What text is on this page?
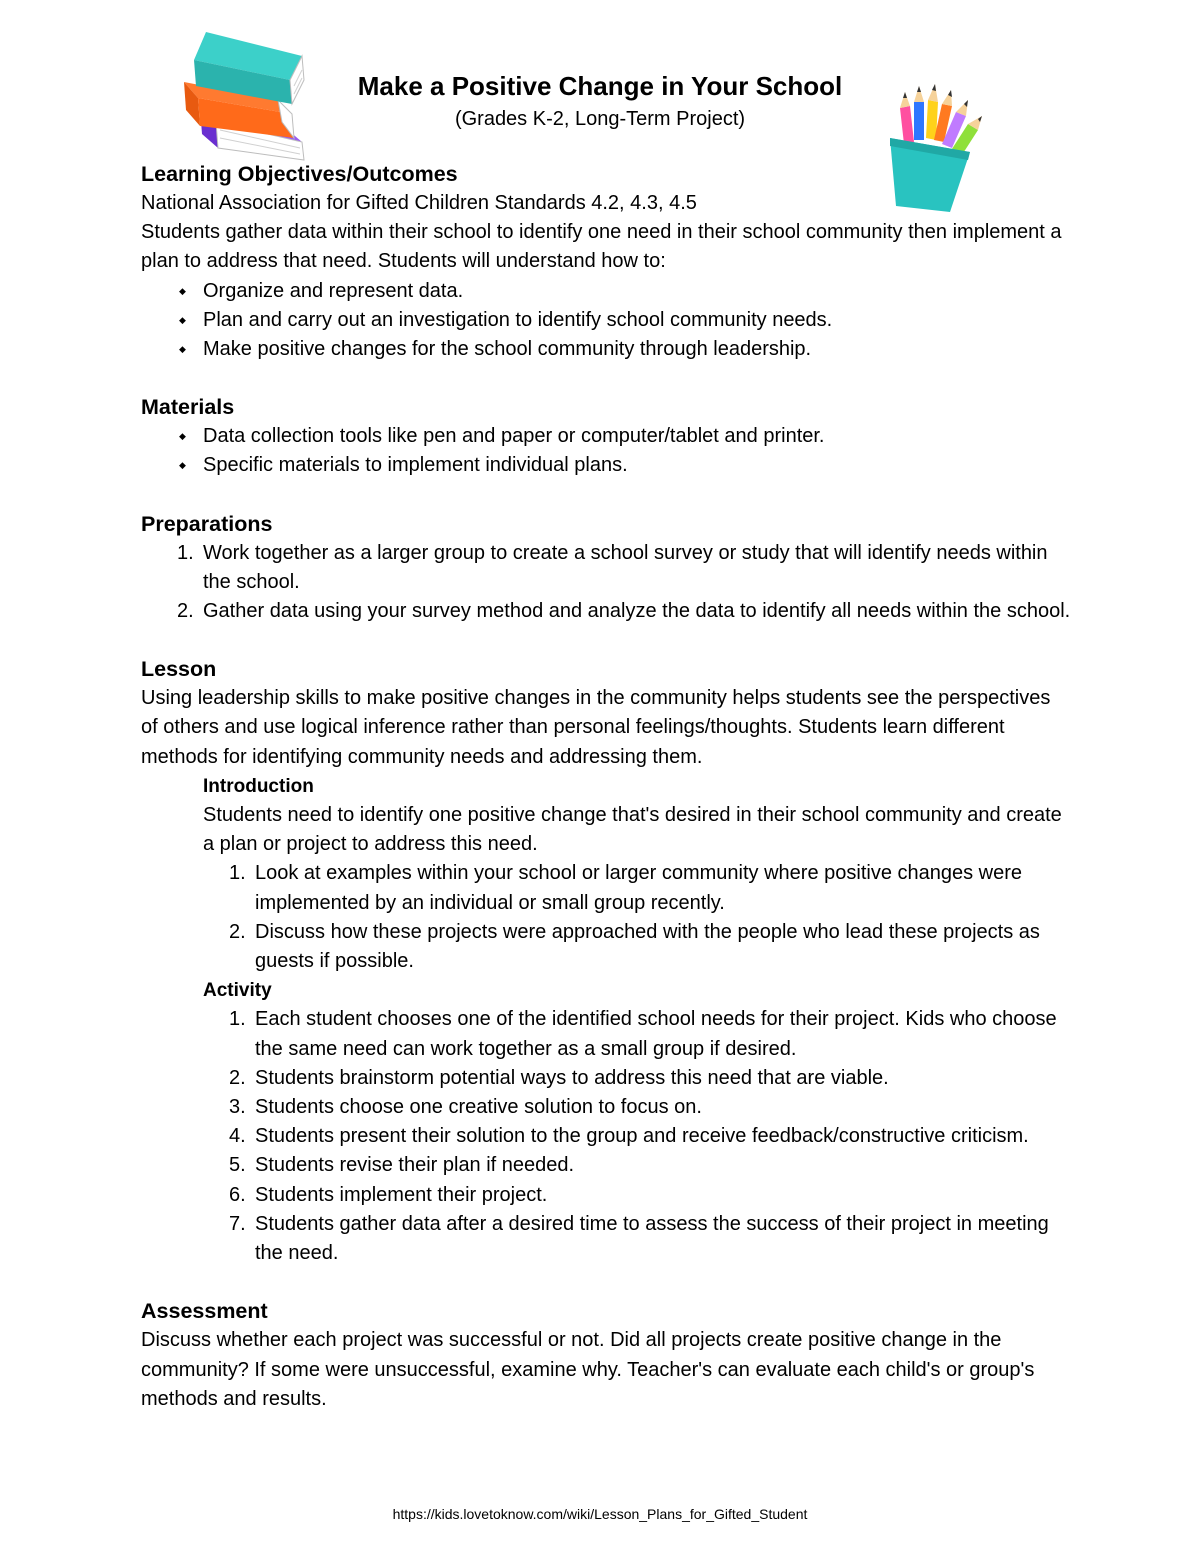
Make a Positive Change in Your School
(Grades K-2, Long-Term Project)
Learning Objectives/Outcomes

National Association for Gifted Children Standards 4.2, 4.3, 4.5

Students gather data within their school to identify one need in their school community then implement a plan to address that need. Students will understand how to:

◆ Organize and represent data.
◆ Plan and carry out an investigation to identify school community needs.
◆ Make positive changes for the school community through leadership.
Materials
◆ Data collection tools like pen and paper or computer/tablet and printer.
◆ Specific materials to implement individual plans.
Preparations
1. Work together as a larger group to create a school survey or study that will identify needs within the school.
2. Gather data using your survey method and analyze the data to identify all needs within the school.
Lesson

Using leadership skills to make positive changes in the community helps students see the perspectives of others and use logical inference rather than personal feelings/thoughts. Students learn different methods for identifying community needs and addressing them.

Introduction

Students need to identify one positive change that's desired in their school community and create a plan or project to address this need.

1. Look at examples within your school or larger community where positive changes were implemented by an individual or small group recently.
2. Discuss how these projects were approached with the people who lead these projects as guests if possible.
Activity
1. Each student chooses one of the identified school needs for their project. Kids who choose the same need can work together as a small group if desired.
2. Students brainstorm potential ways to address this need that are viable.
3. Students choose one creative solution to focus on.
4. Students present their solution to the group and receive feedback/constructive criticism.
5. Students revise their plan if needed.
6. Students implement their project.
7. Students gather data after a desired time to assess the success of their project in meeting the need.
Assessment

Discuss whether each project was successful or not. Did all projects create positive change in the community? If some were unsuccessful, examine why. Teacher's can evaluate each child's or group's methods and results.

https://kids.lovetoknow.com/wiki/Lesson_Plans_for_Gifted_Student
